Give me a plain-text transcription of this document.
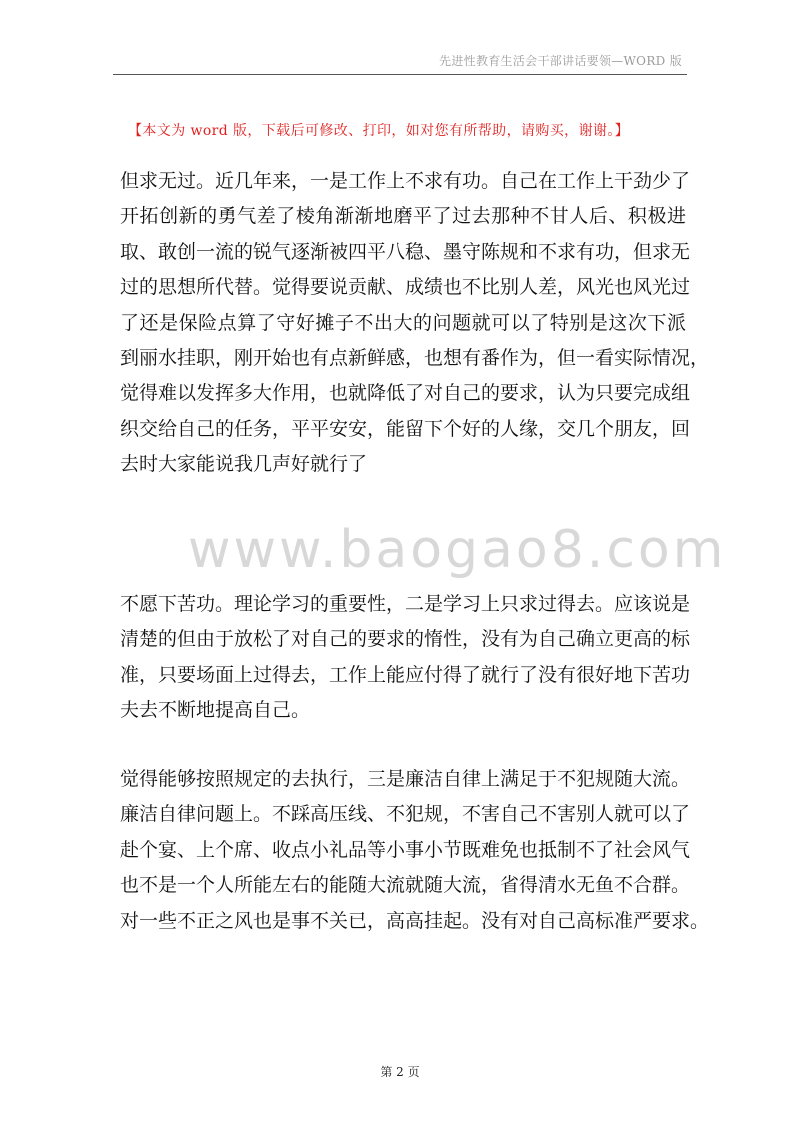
先进性教育生活会干部讲话要领—WORD 版
【本文为 word 版，下载后可修改、打印，如对您有所帮助，请购买，谢谢。】
但求无过。近几年来，一是工作上不求有功。自己在工作上干劲少了
开拓创新的勇气差了棱角渐渐地磨平了过去那种不甘人后、积极进
取、敢创一流的锐气逐渐被四平八稳、墨守陈规和不求有功，但求无
过的思想所代替。觉得要说贡献、成绩也不比别人差，风光也风光过
了还是保险点算了守好摊子不出大的问题就可以了特别是这次下派
到丽水挂职，刚开始也有点新鲜感，也想有番作为，但一看实际情况，
觉得难以发挥多大作用，也就降低了对自己的要求，认为只要完成组
织交给自己的任务，平平安安，能留下个好的人缘，交几个朋友，回
去时大家能说我几声好就行了
www.baogao8.com
不愿下苦功。理论学习的重要性，二是学习上只求过得去。应该说是
清楚的但由于放松了对自己的要求的惰性，没有为自己确立更高的标
准，只要场面上过得去，工作上能应付得了就行了没有很好地下苦功
夫去不断地提高自己。
觉得能够按照规定的去执行，三是廉洁自律上满足于不犯规随大流。
廉洁自律问题上。不踩高压线、不犯规，不害自己不害别人就可以了
赴个宴、上个席、收点小礼品等小事小节既难免也抵制不了社会风气
也不是一个人所能左右的能随大流就随大流，省得清水无鱼不合群。
对一些不正之风也是事不关已，高高挂起。没有对自己高标准严要求。
第 2 页
